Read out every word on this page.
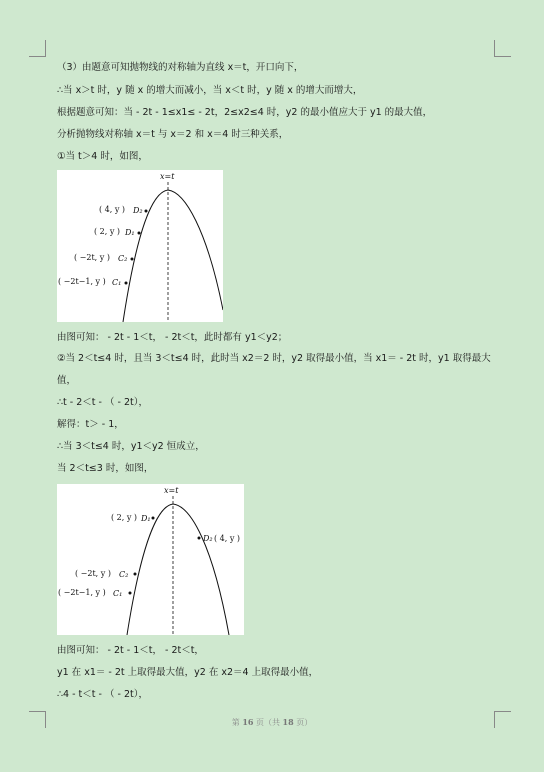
（3）由题意可知抛物线的对称轴为直线 x＝t，开口向下，
∴当 x＞t 时，y 随 x 的增大而减小，当 x＜t 时，y 随 x 的增大而增大，
根据题意可知：当 - 2t - 1≤x1≤ - 2t，2≤x2≤4 时，y2 的最小值应大于 y1 的最大值，
分析抛物线对称轴 x＝t 与 x＝2 和 x＝4 时三种关系，
①当 t＞4 时，如图，
x=t
( 4, y ) D₂
( 2, y ) D₁
( −2t, y ) C₂
( −2t−1, y ) C₁
由图可知： - 2t - 1＜t， - 2t＜t，此时都有 y1＜y2；
②当 2＜t≤4 时，且当 3＜t≤4 时，此时当 x2＝2 时，y2 取得最小值，当 x1＝ - 2t 时，y1 取得最大
值，
∴t - 2＜t - （ - 2t），
解得：t＞ - 1，
∴当 3＜t≤4 时，y1＜y2 恒成立，
当 2＜t≤3 时，如图，
x=t
( 2, y ) D₁
D₂ ( 4, y )
( −2t, y ) C₂
( −2t−1, y ) C₁
由图可知： - 2t - 1＜t， - 2t＜t，
y1 在 x1＝ - 2t 上取得最大值，y2 在 x2＝4 上取得最小值，
∴4 - t＜t - （ - 2t），
第 16 页（共 18 页）
